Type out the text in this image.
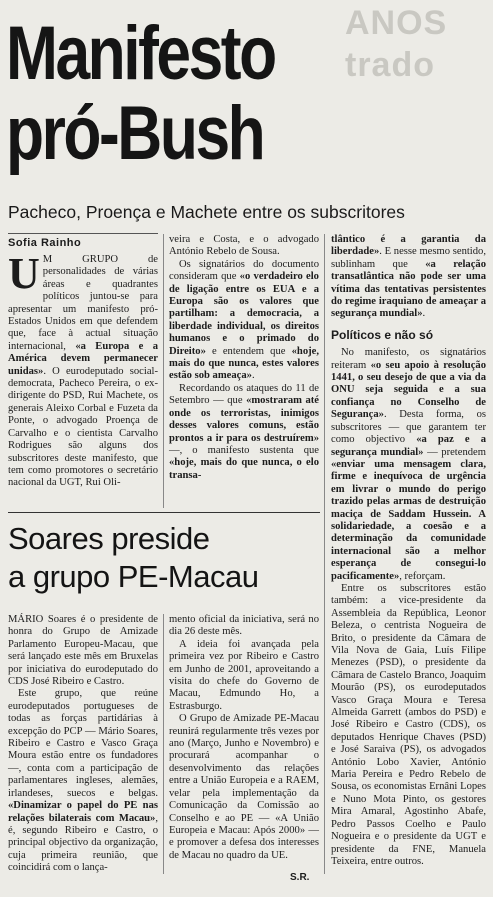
ANOS trado
Manifesto
pró-Bush
Pacheco, Proença e Machete entre os subscritores
Sofia Rainho

U M GRUPO de personalidades de várias áreas e quadrantes políticos juntou-se para apresentar um manifesto pró-Estados Unidos em que defendem que, face à actual situação internacional, «a Europa e a América devem permanecer unidas». O eurodeputado social-democrata, Pacheco Pereira, o ex-dirigente do PSD, Rui Machete, os generais Aleixo Corbal e Fuzeta da Ponte, o advogado Proença de Carvalho e o cientista Carvalho Rodrigues são alguns dos subscritores deste manifesto, que tem como promotores o secretário nacional da UGT, Rui Oli-

veira e Costa, e o advogado António Rebelo de Sousa.

Os signatários do documento consideram que «o verdadeiro elo de ligação entre os EUA e a Europa são os valores que partilham: a democracia, a liberdade individual, os direitos humanos e o primado do Direito» e entendem que «hoje, mais do que nunca, estes valores estão sob ameaça».

Recordando os ataques do 11 de Setembro — que «mostraram até onde os terroristas, inimigos desses valores comuns, estão prontos a ir para os destruírem» —, o manifesto sustenta que «hoje, mais do que nunca, o elo transa-

tlântico é a garantia da liberdade». E nesse mesmo sentido, sublinham que «a relação transatlântica não pode ser uma vítima das tentativas persistentes do regime iraquiano de ameaçar a segurança mundial».

Políticos e não só

No manifesto, os signatários reiteram «o seu apoio à resolução 1441, o seu desejo de que a via da ONU seja seguida e a sua confiança no Conselho de Segurança». Desta forma, os subscritores — que garantem ter como objectivo «a paz e a segurança mundial» — pretendem «enviar uma mensagem clara, firme e inequívoca de urgência em livrar o mundo do perigo trazido pelas armas de destruição maciça de Saddam Hussein. A solidariedade, a coesão e a determinação da comunidade internacional são a melhor esperança de consegui-lo pacificamente», reforçam.

Entre os subscritores estão também: a vice-presidente da Assembleia da República, Leonor Beleza, o centrista Nogueira de Brito, o presidente da Câmara de Vila Nova de Gaia, Luís Filipe Menezes (PSD), o presidente da Câmara de Castelo Branco, Joaquim Mourão (PS), os eurodeputados Vasco Graça Moura e Teresa Almeida Garrett (ambos do PSD) e José Ribeiro e Castro (CDS), os deputados Henrique Chaves (PSD) e José Saraiva (PS), os advogados António Lobo Xavier, António Maria Pereira e Pedro Rebelo de Sousa, os economistas Ernâni Lopes e Nuno Mota Pinto, os gestores Mira Amaral, Agostinho Abafe, Pedro Passos Coelho e Paulo Nogueira e o presidente da UGT e presidente da FNE, Manuela Teixeira, entre outros.

Soares preside
a grupo PE-Macau

MÁRIO Soares é o presidente de honra do Grupo de Amizade Parlamento Europeu-Macau, que será lançado este mês em Bruxelas por iniciativa do eurodeputado do CDS José Ribeiro e Castro.

Este grupo, que reúne eurodeputados portugueses de todas as forças partidárias à excepção do PCP — Mário Soares, Ribeiro e Castro e Vasco Graça Moura estão entre os fundadores —, conta com a participação de parlamentares ingleses, alemães, irlandeses, suecos e belgas. «Dinamizar o papel do PE nas relações bilaterais com Macau», é, segundo Ribeiro e Castro, o principal objectivo da organização, cuja primeira reunião, que coincidirá com o lança-

mento oficial da iniciativa, será no dia 26 deste mês.

A ideia foi avançada pela primeira vez por Ribeiro e Castro em Junho de 2001, aproveitando a visita do chefe do Governo de Macau, Edmundo Ho, a Estrasburgo.

O Grupo de Amizade PE-Macau reunirá regularmente três vezes por ano (Março, Junho e Novembro) e procurará acompanhar o desenvolvimento das relações entre a União Europeia e a RAEM, velar pela implementação da Comunicação da Comissão ao Conselho e ao PE — «A União Europeia e Macau: Após 2000» — e promover a defesa dos interesses de Macau no quadro da UE.

S.R.
